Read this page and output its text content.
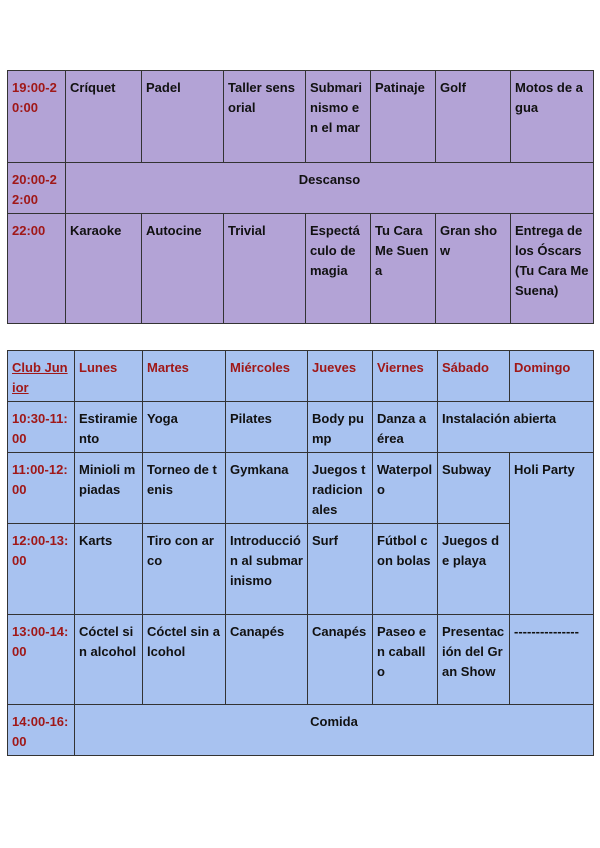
19:00-20:00	Críquet	Padel	Taller sensorial	Submarinismo en el mar	Patinaje	Golf	Motos de agua
20:00-22:00	Descanso						
22:00	Karaoke	Autocine	Trivial	Espectáculo de magia	Tu Cara Me Suena	Gran show	Entrega de los Óscars (Tu Cara Me Suena)
Club Junior	Lunes	Martes	Miércoles	Jueves	Viernes	Sábado	Domingo
10:30-11:00	Estiramiento	Yoga	Pilates	Body pump	Danza aérea	Instalación abierta	
11:00-12:00	Minioli mpiadas	Torneo de tenis	Gymkana	Juegos tradicionales	Waterpolo	Subway	Holi Party
12:00-13:00	Karts	Tiro con arco	Introducción al submarinismo	Surf	Fútbol con bolas	Juegos de playa	
13:00-14:00	Cóctel sin alcohol	Cóctel sin alcohol	Canapés	Canapés	Paseo en caballo	Presentación del Gran Show	---------------
14:00-16:00	Comida						
